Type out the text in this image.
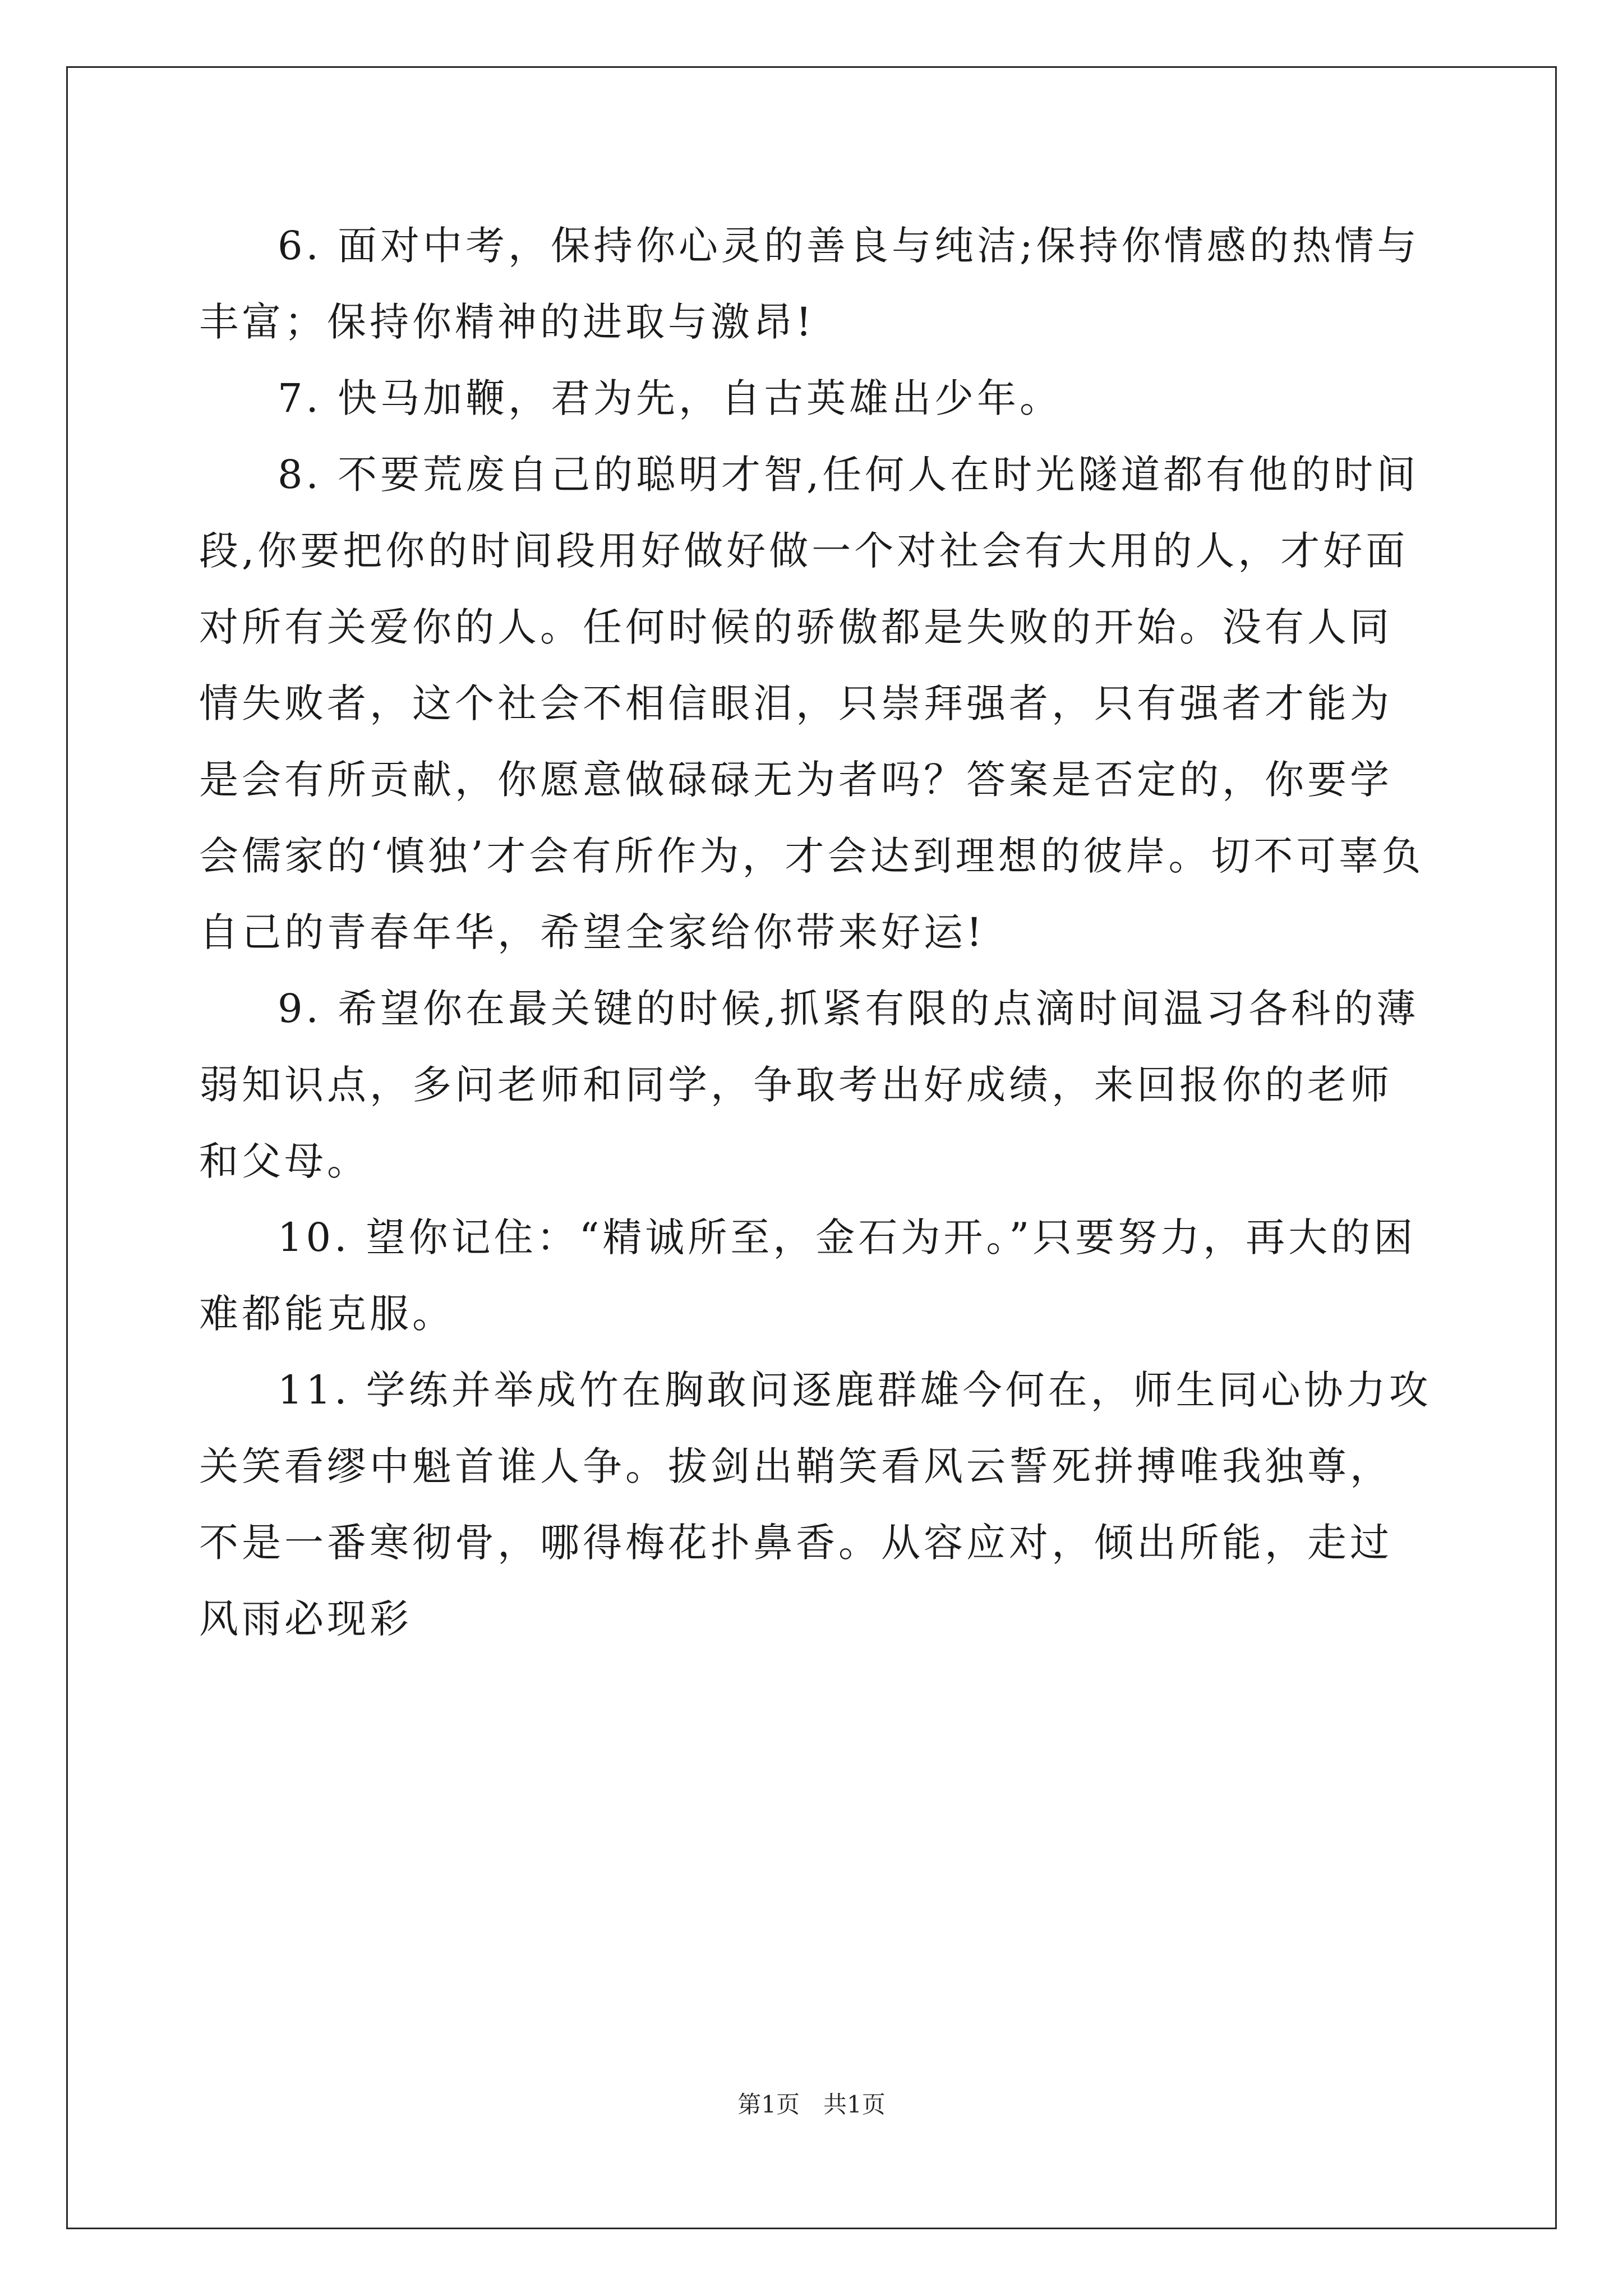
6. 面对中考，保持你心灵的善良与纯洁;保持你情感的热情与丰富；保持你精神的进取与激昂!

7. 快马加鞭，君为先，自古英雄出少年。

8. 不要荒废自己的聪明才智,任何人在时光隧道都有他的时间段,你要把你的时间段用好做好做一个对社会有大用的人，才好面对所有关爱你的人。任何时候的骄傲都是失败的开始。没有人同情失败者，这个社会不相信眼泪，只崇拜强者，只有强者才能为是会有所贡献，你愿意做碌碌无为者吗？答案是否定的，你要学会儒家的‘慎独’才会有所作为，才会达到理想的彼岸。切不可辜负自己的青春年华，希望全家给你带来好运!

9. 希望你在最关键的时候,抓紧有限的点滴时间温习各科的薄弱知识点，多问老师和同学，争取考出好成绩，来回报你的老师和父母。

10. 望你记住：“精诚所至，金石为开。”只要努力，再大的困难都能克服。

11. 学练并举成竹在胸敢问逐鹿群雄今何在，师生同心协力攻关笑看缪中魁首谁人争。拔剑出鞘笑看风云誓死拼搏唯我独尊，不是一番寒彻骨，哪得梅花扑鼻香。从容应对，倾出所能，走过风雨必现彩

第1页　共1页
